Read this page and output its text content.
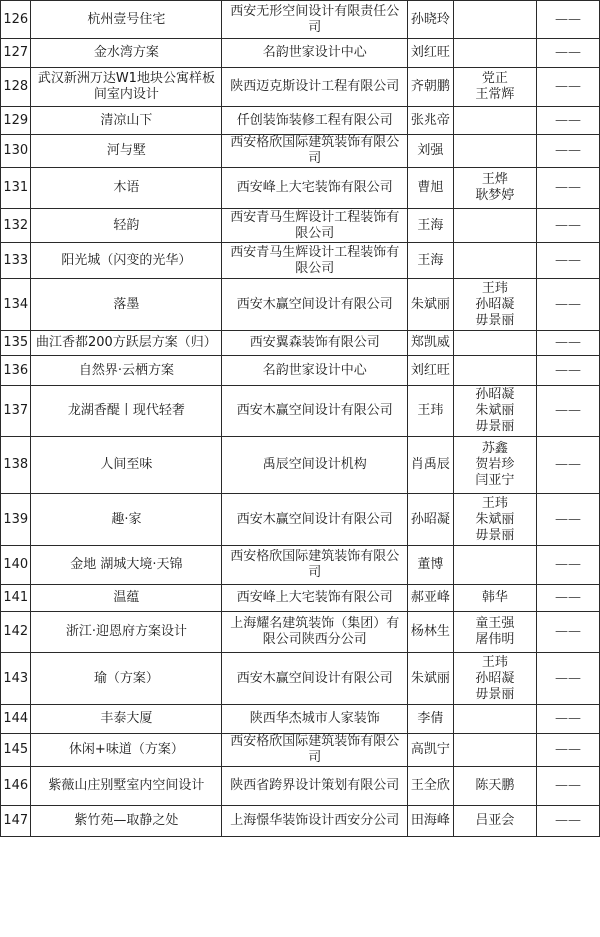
126	杭州壹号住宅	西安无形空间设计有限责任公司	孙晓玲		——
127	金水湾方案	名韵世家设计中心	刘红旺		——
128	武汉新洲万达W1地块公寓样板间室内设计	陕西迈克斯设计工程有限公司	齐朝鹏	党正
王常辉	——
129	清凉山下	仟创装饰装修工程有限公司	张兆帝		——
130	河与墅	西安格欣国际建筑装饰有限公司	刘强		——
131	木语	西安峰上大宅装饰有限公司	曹旭	王烨
耿梦婷	——
132	轻韵	西安青马生辉设计工程装饰有限公司	王海		——
133	阳光城（闪变的光华）	西安青马生辉设计工程装饰有限公司	王海		——
134	落墨	西安木赢空间设计有限公司	朱斌丽	王玮
孙昭凝
毋景丽	——
135	曲江香都200方跃层方案（归）	西安翼森装饰有限公司	郑凯威		——
136	自然界·云栖方案	名韵世家设计中心	刘红旺		——
137	龙湖香醍丨现代轻奢	西安木赢空间设计有限公司	王玮	孙昭凝
朱斌丽
毋景丽	——
138	人间至味	禹辰空间设计机构	肖禹辰	苏鑫
贺岩珍
闫亚宁	——
139	趣·家	西安木赢空间设计有限公司	孙昭凝	王玮
朱斌丽
毋景丽	——
140	金地 湖城大境·天锦	西安格欣国际建筑装饰有限公司	董博		——
141	温蕴	西安峰上大宅装饰有限公司	郝亚峰	韩华	——
142	浙江·迎恩府方案设计	上海耀名建筑装饰（集团）有限公司陕西分公司	杨林生	童王强
屠伟明	——
143	瑜（方案）	西安木赢空间设计有限公司	朱斌丽	王玮
孙昭凝
毋景丽	——
144	丰泰大厦	陕西华杰城市人家装饰	李倩		——
145	休闲+味道（方案）	西安格欣国际建筑装饰有限公司	高凯宁		——
146	紫薇山庄别墅室内空间设计	陕西省跨界设计策划有限公司	王全欣	陈天鹏	——
147	紫竹苑—取静之处	上海憬华装饰设计西安分公司	田海峰	吕亚会	——
